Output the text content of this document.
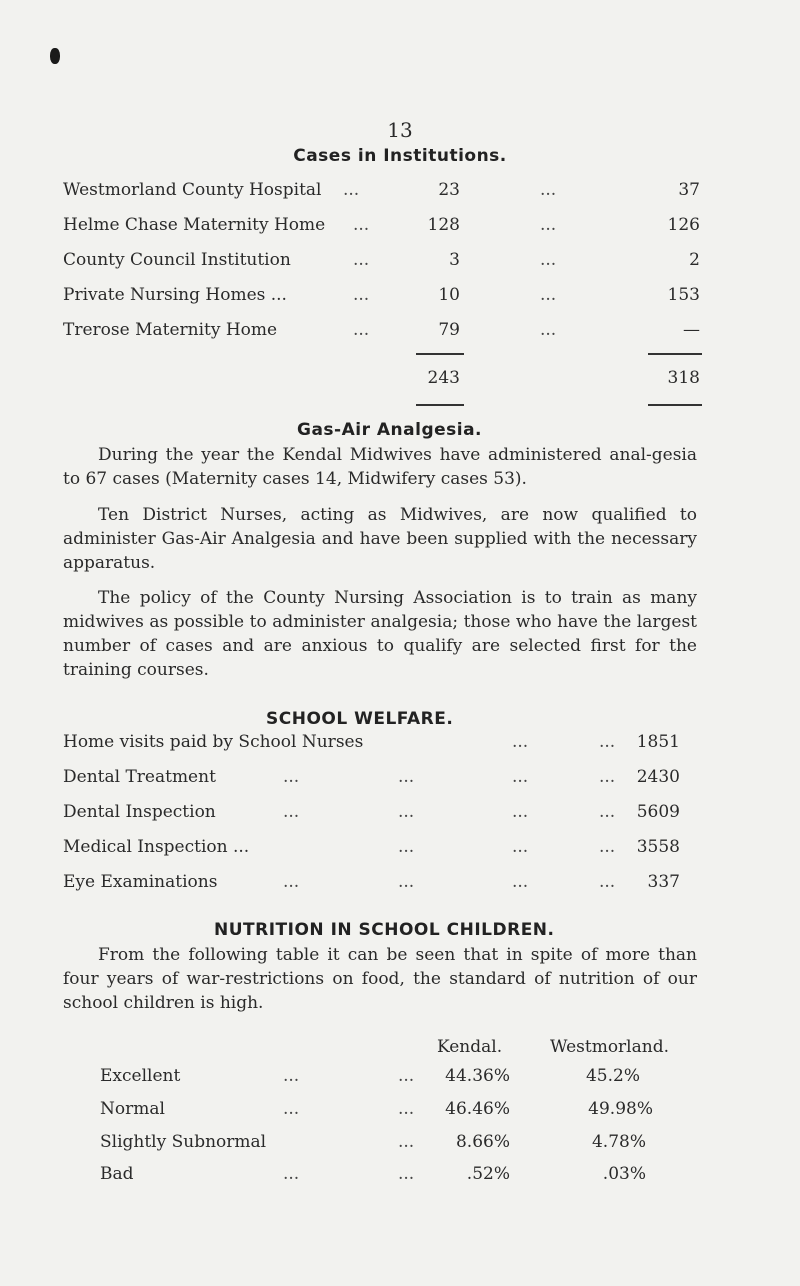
13
Cases in Institutions.
Westmorland County Hospital ...	23	...	37
Helme Chase Maternity Home ...	128	...	126
County Council Institution	...	3	...	2
Private Nursing Homes ...	...	10	...	153
Trerose Maternity Home	...	79	...	—
243	318
Gas-Air Analgesia.

During the year the Kendal Midwives have administered anal-gesia to 67 cases (Maternity cases 14, Midwifery cases 53).

Ten District Nurses, acting as Midwives, are now qualified to administer Gas-Air Analgesia and have been supplied with the necessary apparatus.

The policy of the County Nursing Association is to train as many midwives as possible to administer analgesia; those who have the largest number of cases and are anxious to qualify are selected first for the training courses.

SCHOOL WELFARE.
Home visits paid by School Nurses	...	...	1851
Dental Treatment	...	...	...	...	2430
Dental Inspection	...	...	...	...	5609
Medical Inspection ...	...	...	...	3558
Eye Examinations	...	...	...	...	337
NUTRITION IN SCHOOL CHILDREN.

From the following table it can be seen that in spite of more than four years of war-restrictions on food, the standard of nutrition of our school children is high.

Kendal.	Westmorland.
Excellent	...	...	44.36%	45.2%
Normal	...	...	46.46%	49.98%
Slightly Subnormal	...	8.66%	4.78%
Bad	...	...	.52%	.03%
